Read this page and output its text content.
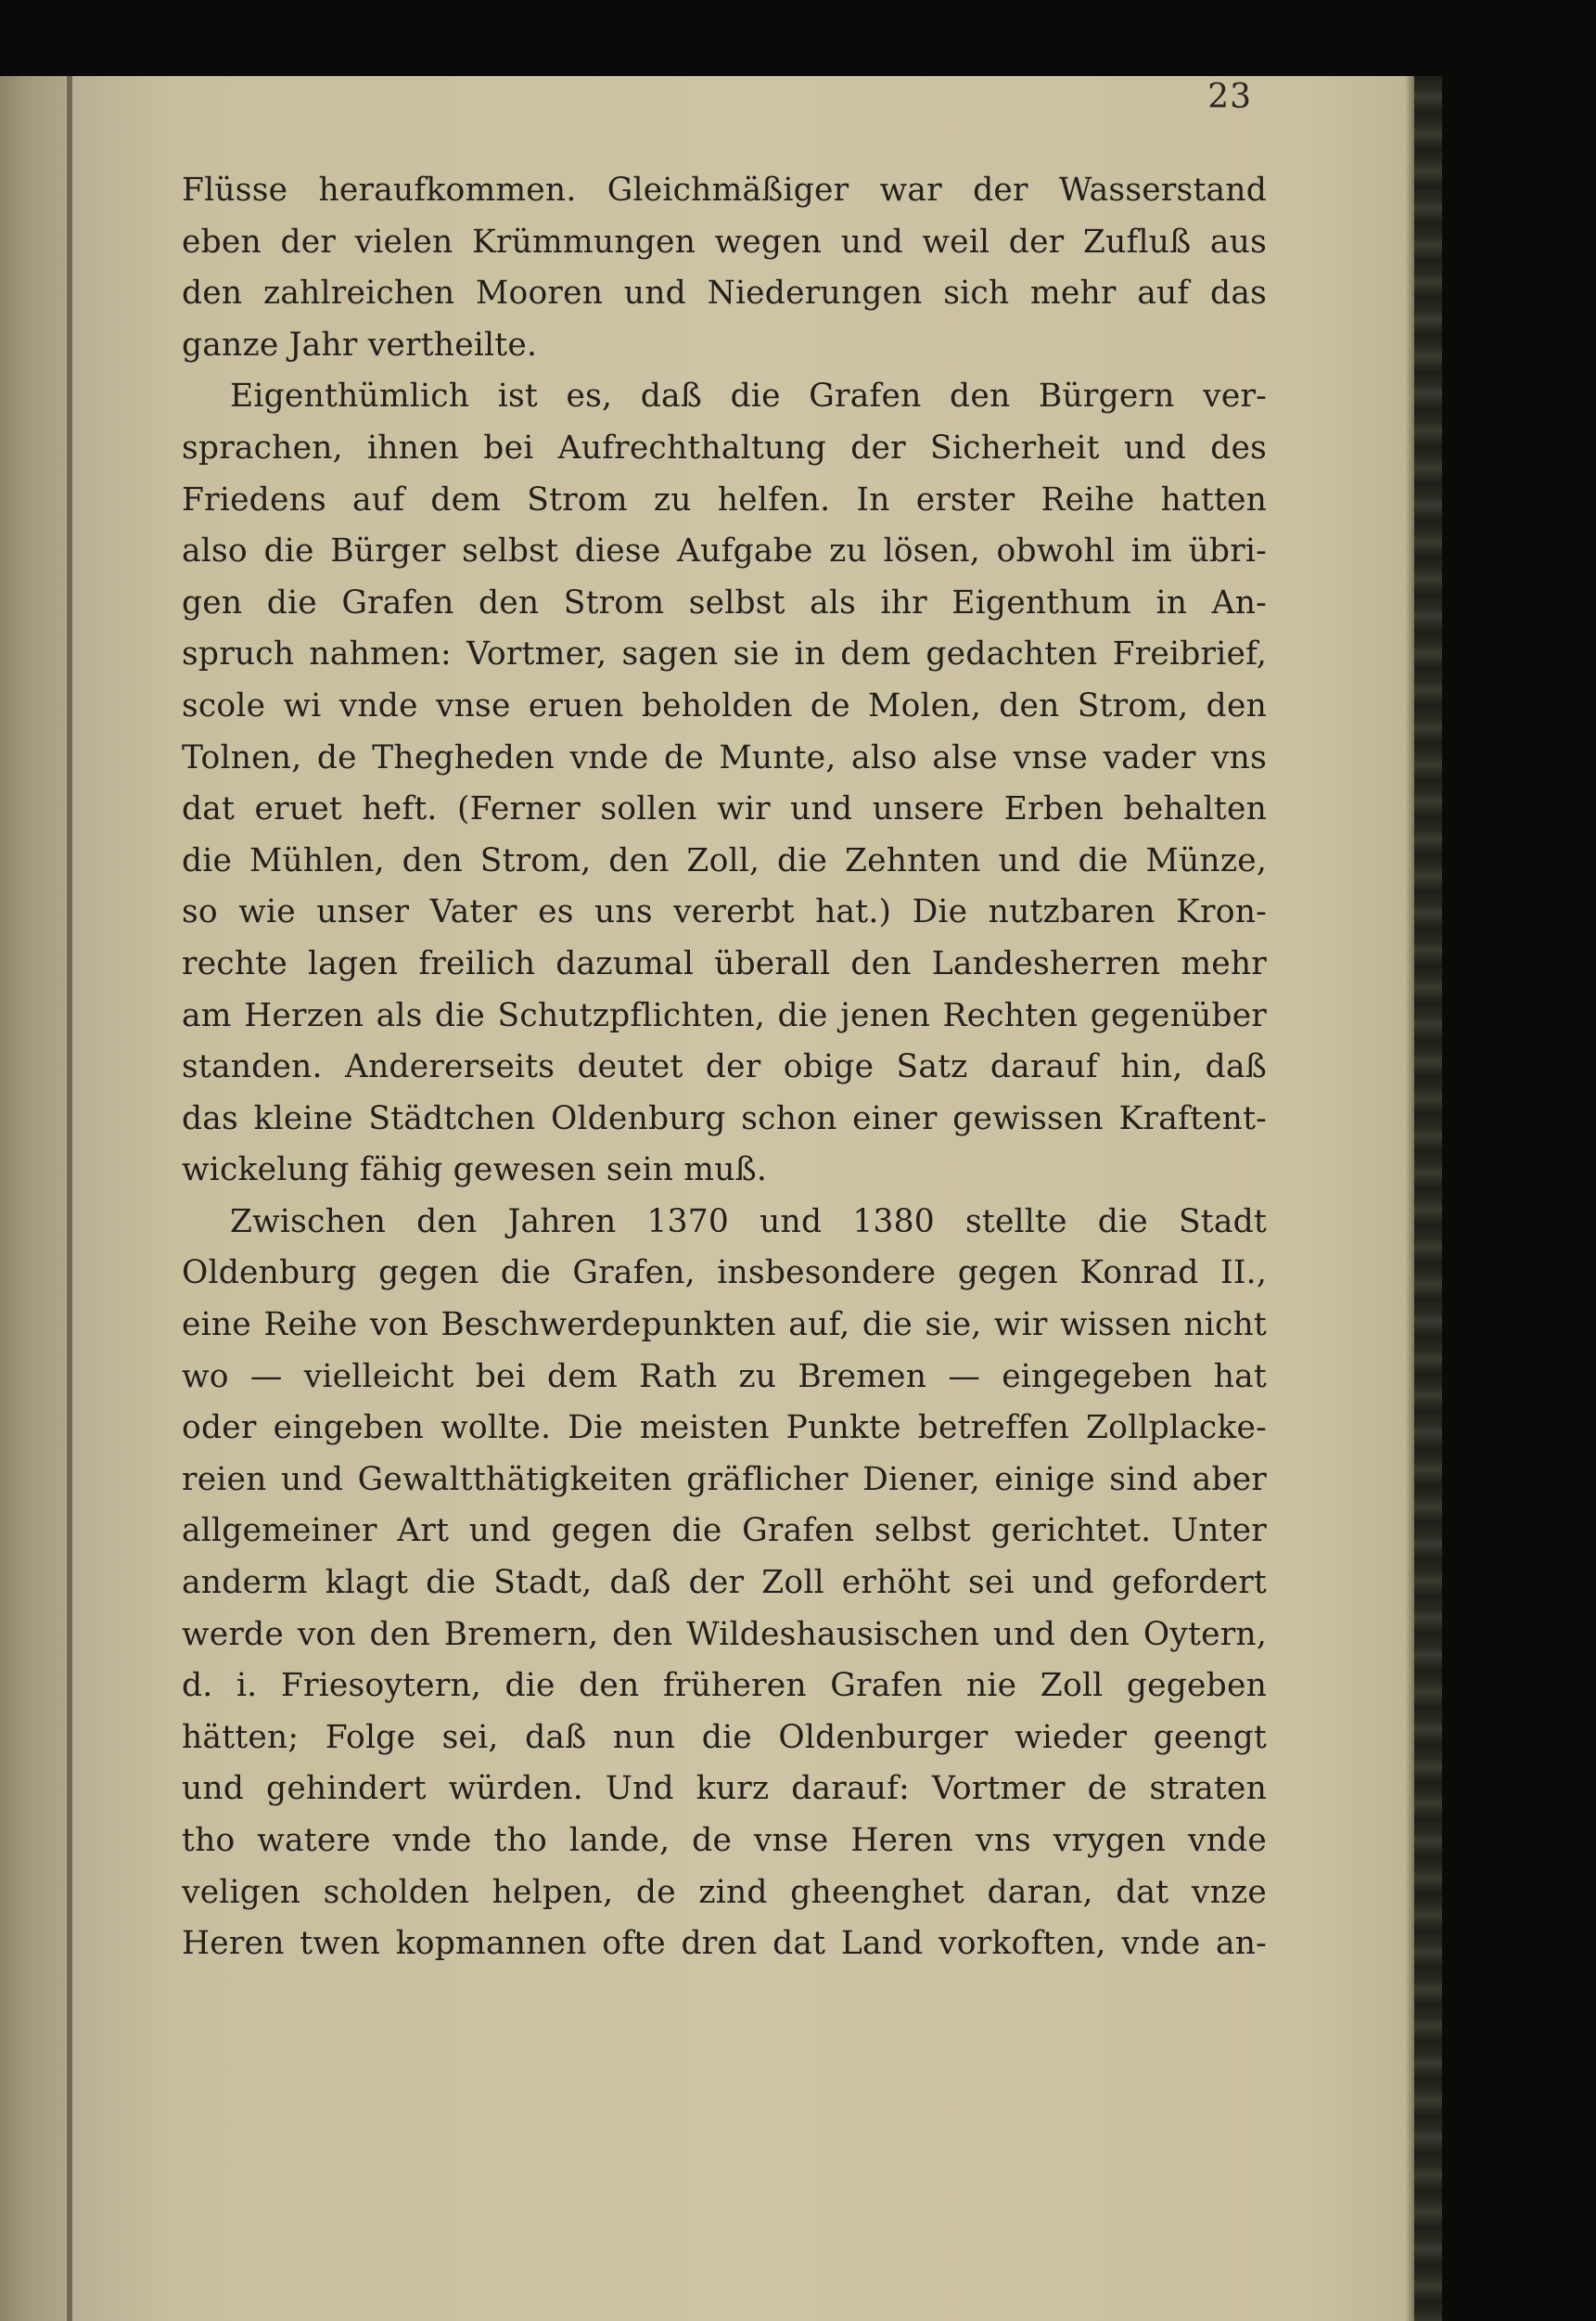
23
Flüsse heraufkommen. Gleichmäßiger war der Wasserstand
eben der vielen Krümmungen wegen und weil der Zufluß aus
den zahlreichen Mooren und Niederungen sich mehr auf das
ganze Jahr vertheilte.
Eigenthümlich ist es, daß die Grafen den Bürgern ver-
sprachen, ihnen bei Aufrechthaltung der Sicherheit und des
Friedens auf dem Strom zu helfen. In erster Reihe hatten
also die Bürger selbst diese Aufgabe zu lösen, obwohl im übri-
gen die Grafen den Strom selbst als ihr Eigenthum in An-
spruch nahmen: Vortmer, sagen sie in dem gedachten Freibrief,
scole wi vnde vnse eruen beholden de Molen, den Strom, den
Tolnen, de Thegheden vnde de Munte, also alse vnse vader vns
dat eruet heft. (Ferner sollen wir und unsere Erben behalten
die Mühlen, den Strom, den Zoll, die Zehnten und die Münze,
so wie unser Vater es uns vererbt hat.) Die nutzbaren Kron-
rechte lagen freilich dazumal überall den Landesherren mehr
am Herzen als die Schutzpflichten, die jenen Rechten gegenüber
standen. Andererseits deutet der obige Satz darauf hin, daß
das kleine Städtchen Oldenburg schon einer gewissen Kraftent-
wickelung fähig gewesen sein muß.
Zwischen den Jahren 1370 und 1380 stellte die Stadt
Oldenburg gegen die Grafen, insbesondere gegen Konrad II.,
eine Reihe von Beschwerdepunkten auf, die sie, wir wissen nicht
wo — vielleicht bei dem Rath zu Bremen — eingegeben hat
oder eingeben wollte. Die meisten Punkte betreffen Zollplacke-
reien und Gewaltthätigkeiten gräflicher Diener, einige sind aber
allgemeiner Art und gegen die Grafen selbst gerichtet. Unter
anderm klagt die Stadt, daß der Zoll erhöht sei und gefordert
werde von den Bremern, den Wildeshausischen und den Oytern,
d. i. Friesoytern, die den früheren Grafen nie Zoll gegeben
hätten; Folge sei, daß nun die Oldenburger wieder geengt
und gehindert würden. Und kurz darauf: Vortmer de straten
tho watere vnde tho lande, de vnse Heren vns vrygen vnde
veligen scholden helpen, de zind gheenghet daran, dat vnze
Heren twen kopmannen ofte dren dat Land vorkoften, vnde an-
